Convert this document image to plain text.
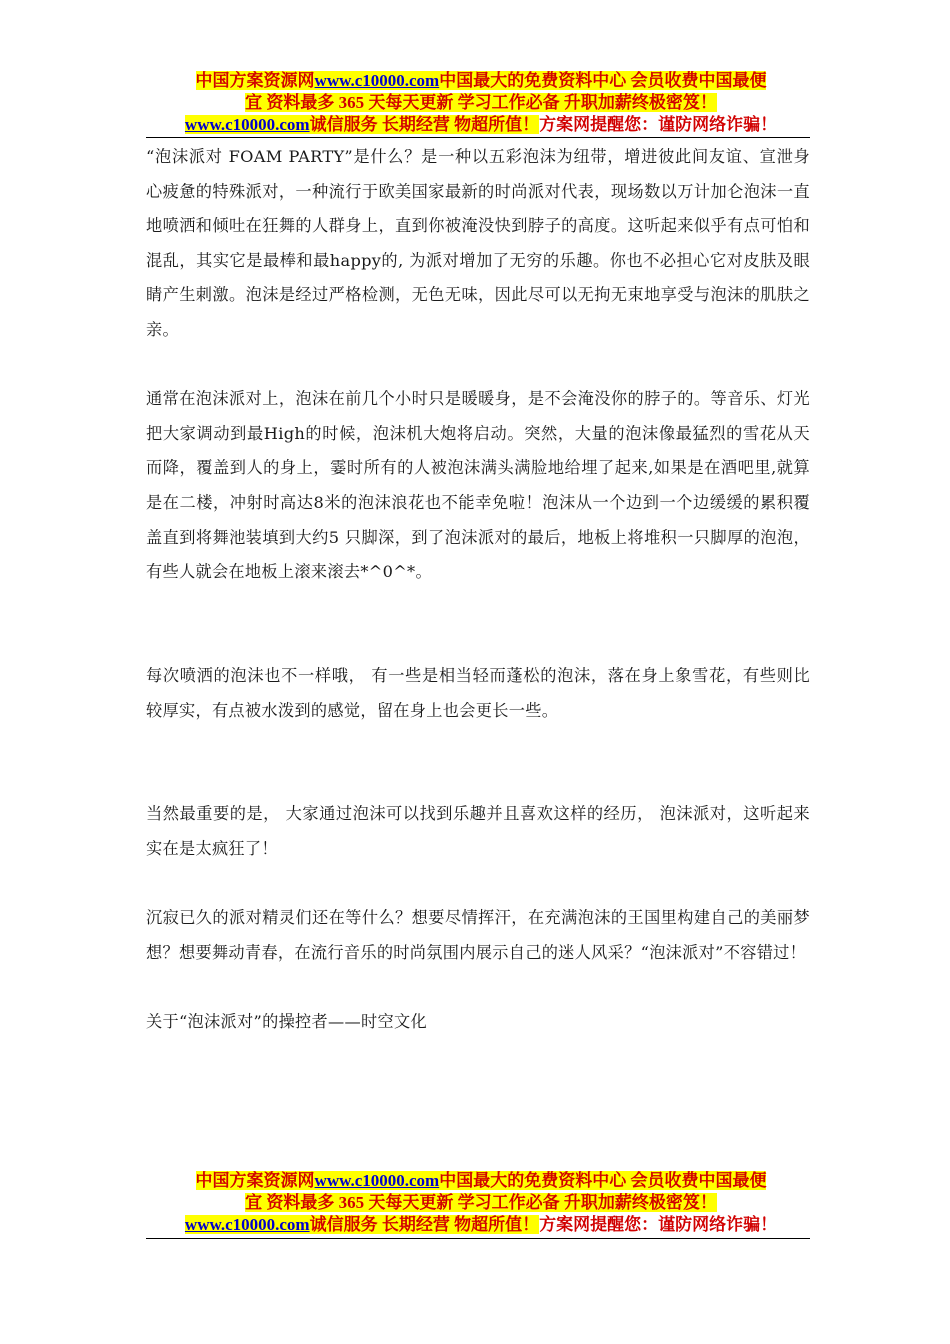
中国方案资源网www.c10000.com中国最大的免费资料中心 会员收费中国最便
宜 资料最多 365 天每天更新 学习工作必备 升职加薪终极密笈！
www.c10000.com诚信服务 长期经营 物超所值！方案网提醒您：谨防网络诈骗！

“泡沫派对 FOAM PARTY”是什么？是一种以五彩泡沫为纽带，增进彼此间友谊、宣泄身心疲惫的特殊派对，一种流行于欧美国家最新的时尚派对代表，现场数以万计加仑泡沫一直地喷洒和倾吐在狂舞的人群身上，直到你被淹没快到脖子的高度。这听起来似乎有点可怕和混乱，其实它是最棒和最happy的, 为派对增加了无穷的乐趣。你也不必担心它对皮肤及眼睛产生刺激。泡沫是经过严格检测，无色无味，因此尽可以无拘无束地享受与泡沫的肌肤之亲。

通常在泡沫派对上，泡沫在前几个小时只是暖暖身，是不会淹没你的脖子的。等音乐、灯光把大家调动到最High的时候，泡沫机大炮将启动。突然，大量的泡沫像最猛烈的雪花从天而降，覆盖到人的身上，霎时所有的人被泡沫满头满脸地给埋了起来,如果是在酒吧里,就算是在二楼，冲射时高达8米的泡沫浪花也不能幸免啦！泡沫从一个边到一个边缓缓的累积覆盖直到将舞池装填到大约5 只脚深，到了泡沫派对的最后，地板上将堆积一只脚厚的泡泡，有些人就会在地板上滚来滚去*^0^*。

每次喷洒的泡沫也不一样哦， 有一些是相当轻而蓬松的泡沫，落在身上象雪花，有些则比较厚实，有点被水泼到的感觉，留在身上也会更长一些。

当然最重要的是， 大家通过泡沫可以找到乐趣并且喜欢这样的经历， 泡沫派对，这听起来实在是太疯狂了！

沉寂已久的派对精灵们还在等什么？想要尽情挥汗，在充满泡沫的王国里构建自己的美丽梦想？想要舞动青春，在流行音乐的时尚氛围内展示自己的迷人风采？“泡沫派对”不容错过！

关于“泡沫派对”的操控者——时空文化

中国方案资源网www.c10000.com中国最大的免费资料中心 会员收费中国最便
宜 资料最多 365 天每天更新 学习工作必备 升职加薪终极密笈！
www.c10000.com诚信服务 长期经营 物超所值！方案网提醒您：谨防网络诈骗！
